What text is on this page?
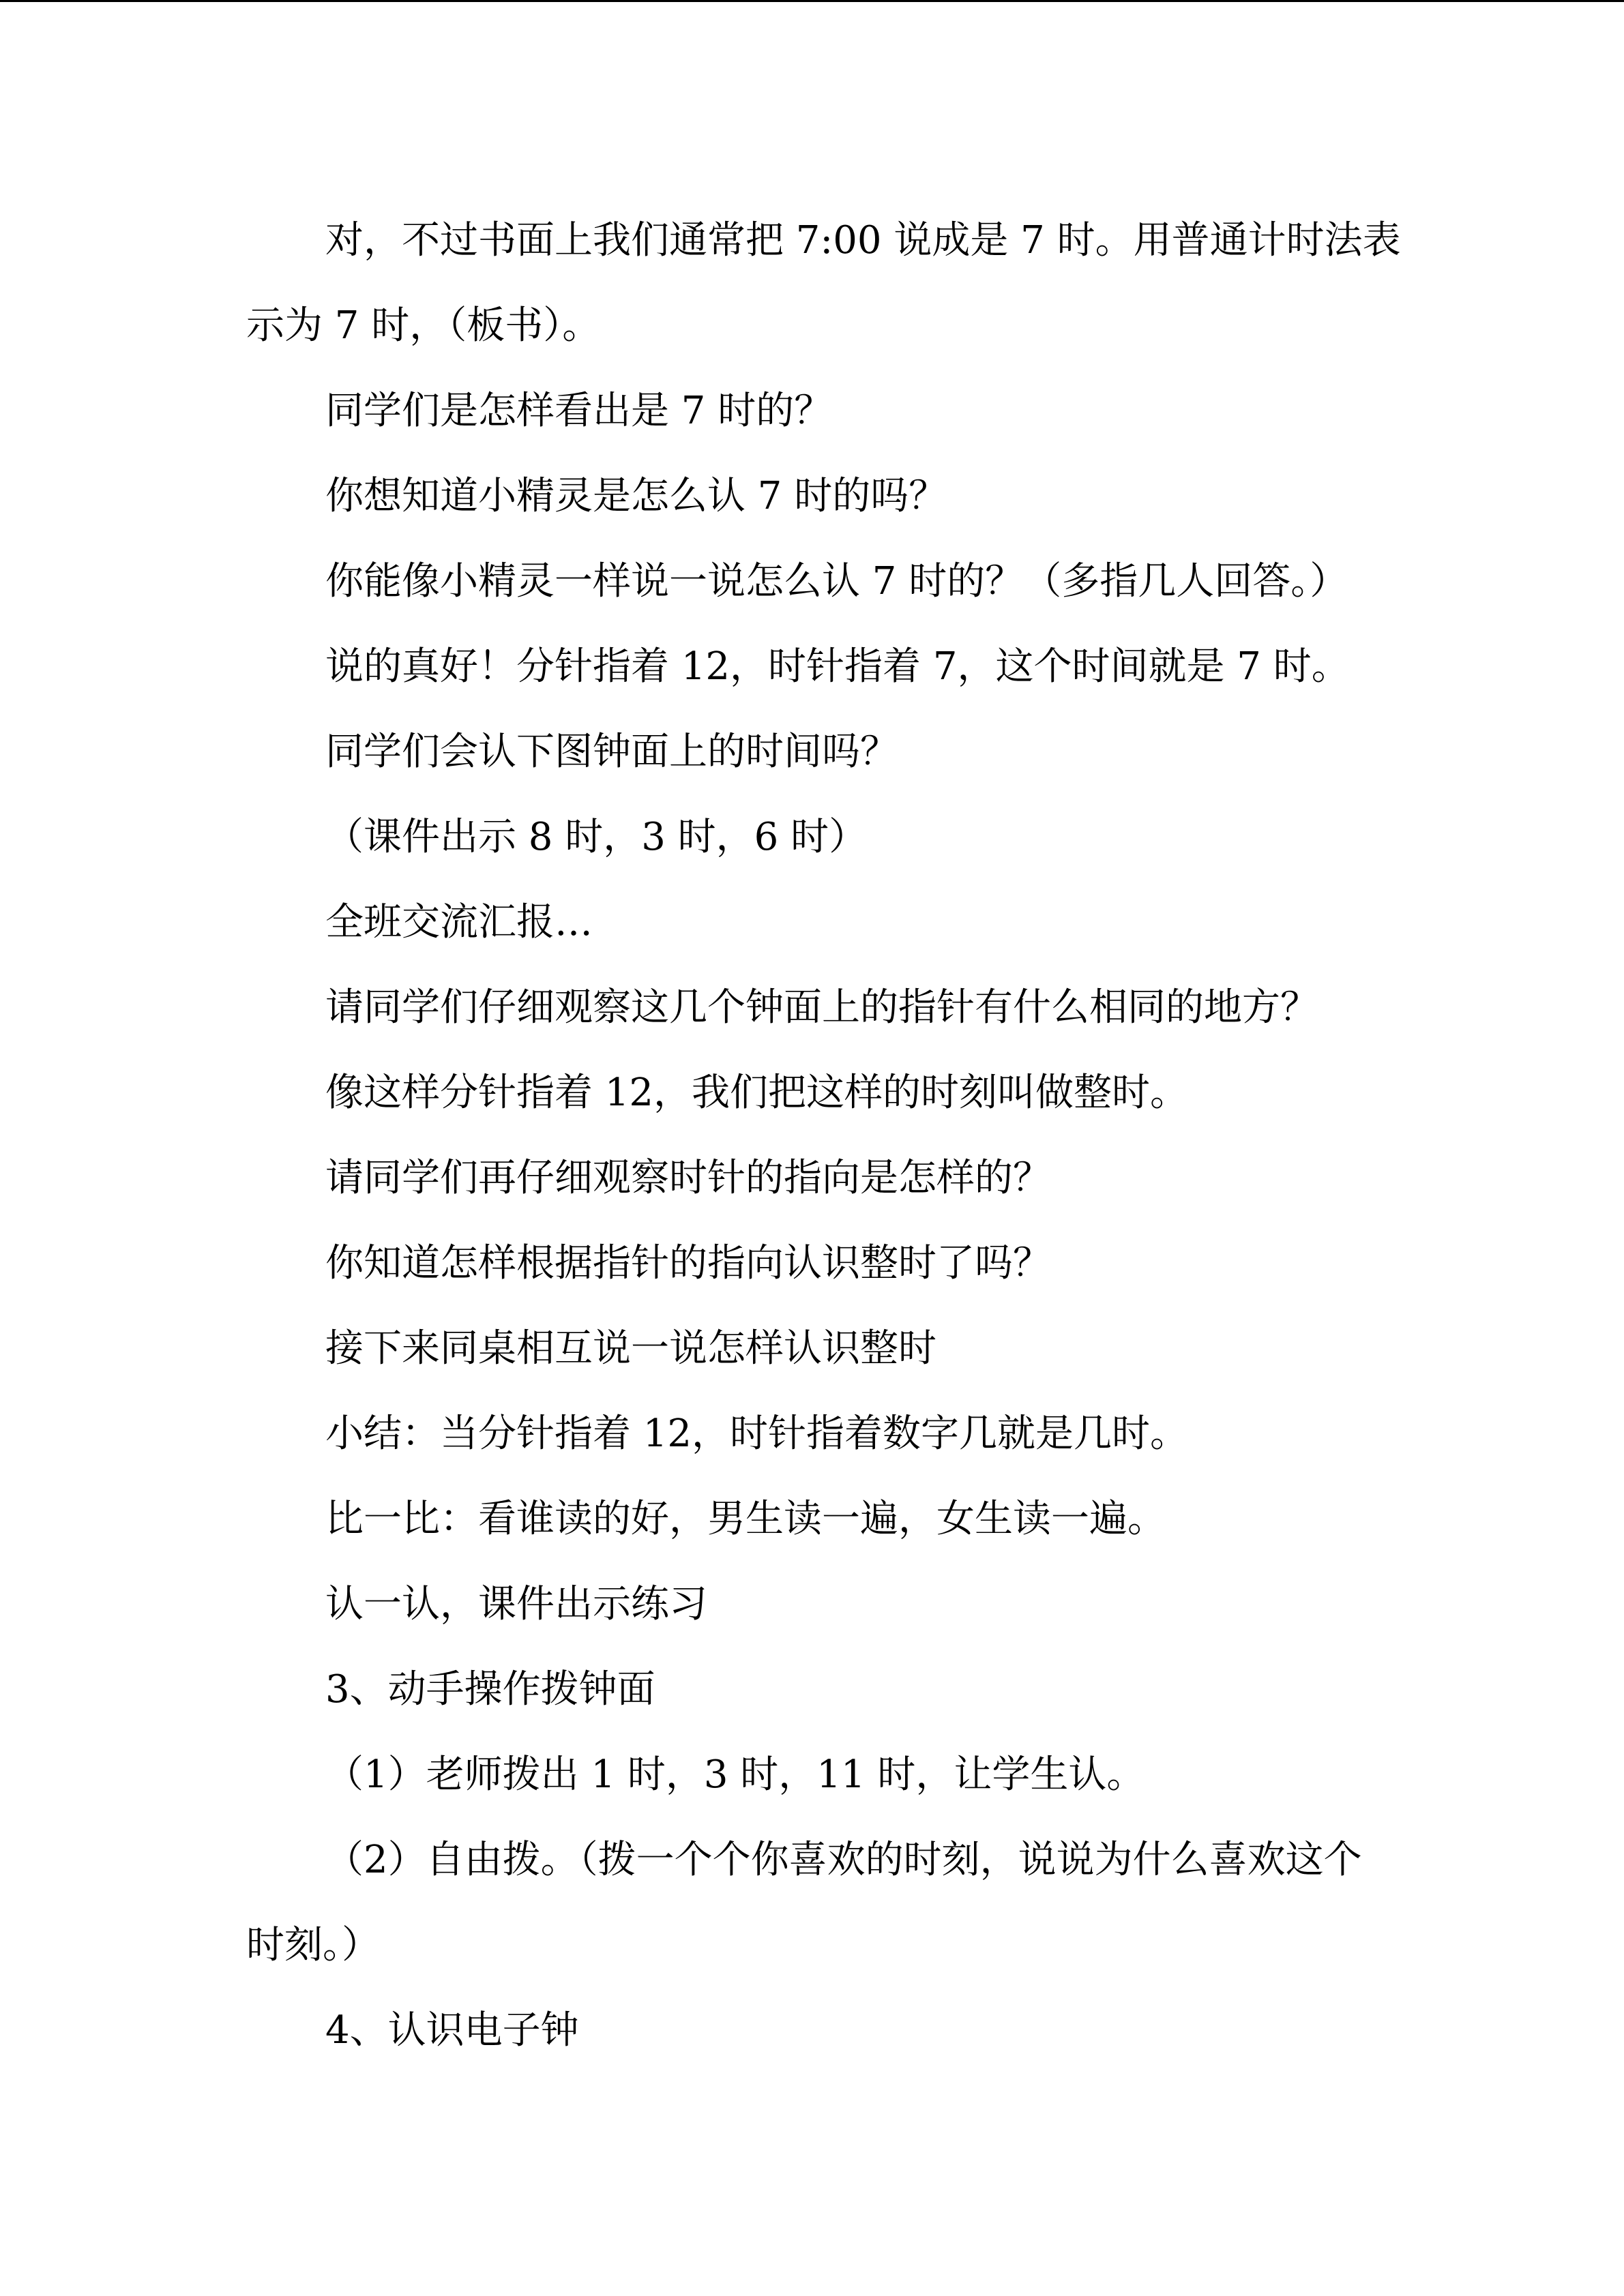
对，不过书面上我们通常把 7:00 说成是 7 时。用普通计时法表
示为 7 时，（板书）。
同学们是怎样看出是 7 时的？
你想知道小精灵是怎么认 7 时的吗？
你能像小精灵一样说一说怎么认 7 时的？（多指几人回答。）
说的真好！分针指着 12，时针指着 7，这个时间就是 7 时。
同学们会认下图钟面上的时间吗？
（课件出示 8 时，3 时，6 时）
全班交流汇报…
请同学们仔细观察这几个钟面上的指针有什么相同的地方？
像这样分针指着 12，我们把这样的时刻叫做整时。
请同学们再仔细观察时针的指向是怎样的？
你知道怎样根据指针的指向认识整时了吗？
接下来同桌相互说一说怎样认识整时
小结：当分针指着 12，时针指着数字几就是几时。
比一比：看谁读的好，男生读一遍，女生读一遍。
认一认，课件出示练习
3、动手操作拨钟面
（1）老师拨出 1 时，3 时，11 时，让学生认。
（2）自由拨。（拨一个个你喜欢的时刻，说说为什么喜欢这个
时刻。）
4、认识电子钟
